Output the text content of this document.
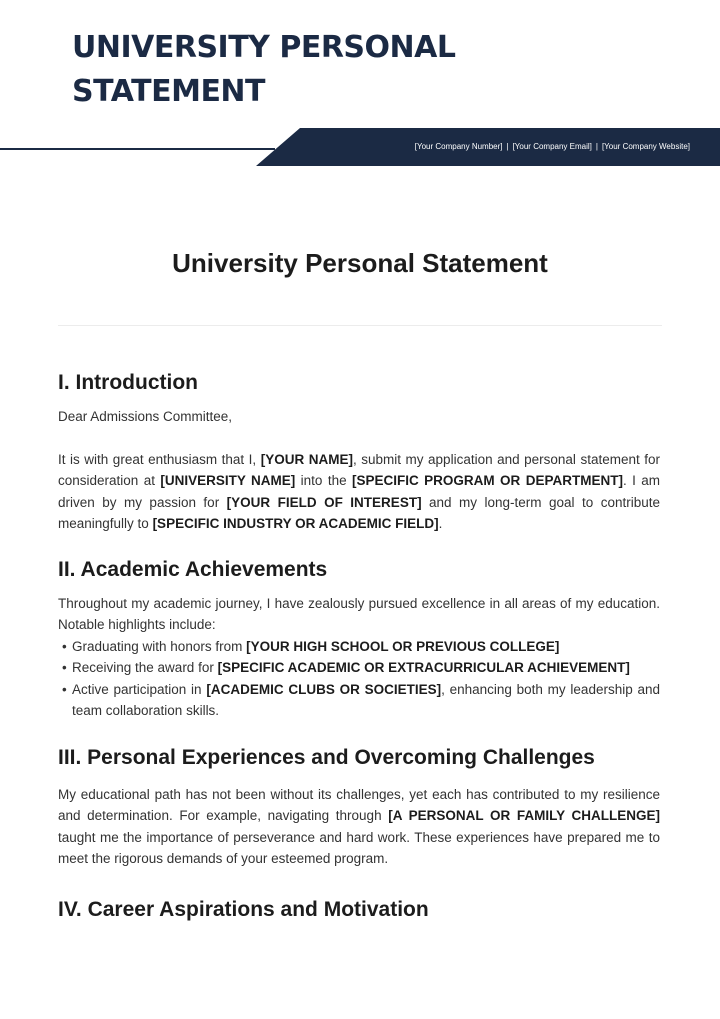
UNIVERSITY PERSONAL
STATEMENT
[Your Company Number] | [Your Company Email] | [Your Company Website]
University Personal Statement
I. Introduction

Dear Admissions Committee,

It is with great enthusiasm that I, [YOUR NAME], submit my application and personal statement for consideration at [UNIVERSITY NAME] into the [SPECIFIC PROGRAM OR DEPARTMENT]. I am driven by my passion for [YOUR FIELD OF INTEREST] and my long-term goal to contribute meaningfully to [SPECIFIC INDUSTRY OR ACADEMIC FIELD].

II. Academic Achievements

Throughout my academic journey, I have zealously pursued excellence in all areas of my education. Notable highlights include:

• Graduating with honors from [YOUR HIGH SCHOOL OR PREVIOUS COLLEGE]
• Receiving the award for [SPECIFIC ACADEMIC OR EXTRACURRICULAR ACHIEVEMENT]
• Active participation in [ACADEMIC CLUBS OR SOCIETIES], enhancing both my leadership and team collaboration skills.
III. Personal Experiences and Overcoming Challenges

My educational path has not been without its challenges, yet each has contributed to my resilience and determination. For example, navigating through [A PERSONAL OR FAMILY CHALLENGE] taught me the importance of perseverance and hard work. These experiences have prepared me to meet the rigorous demands of your esteemed program.

IV. Career Aspirations and Motivation
